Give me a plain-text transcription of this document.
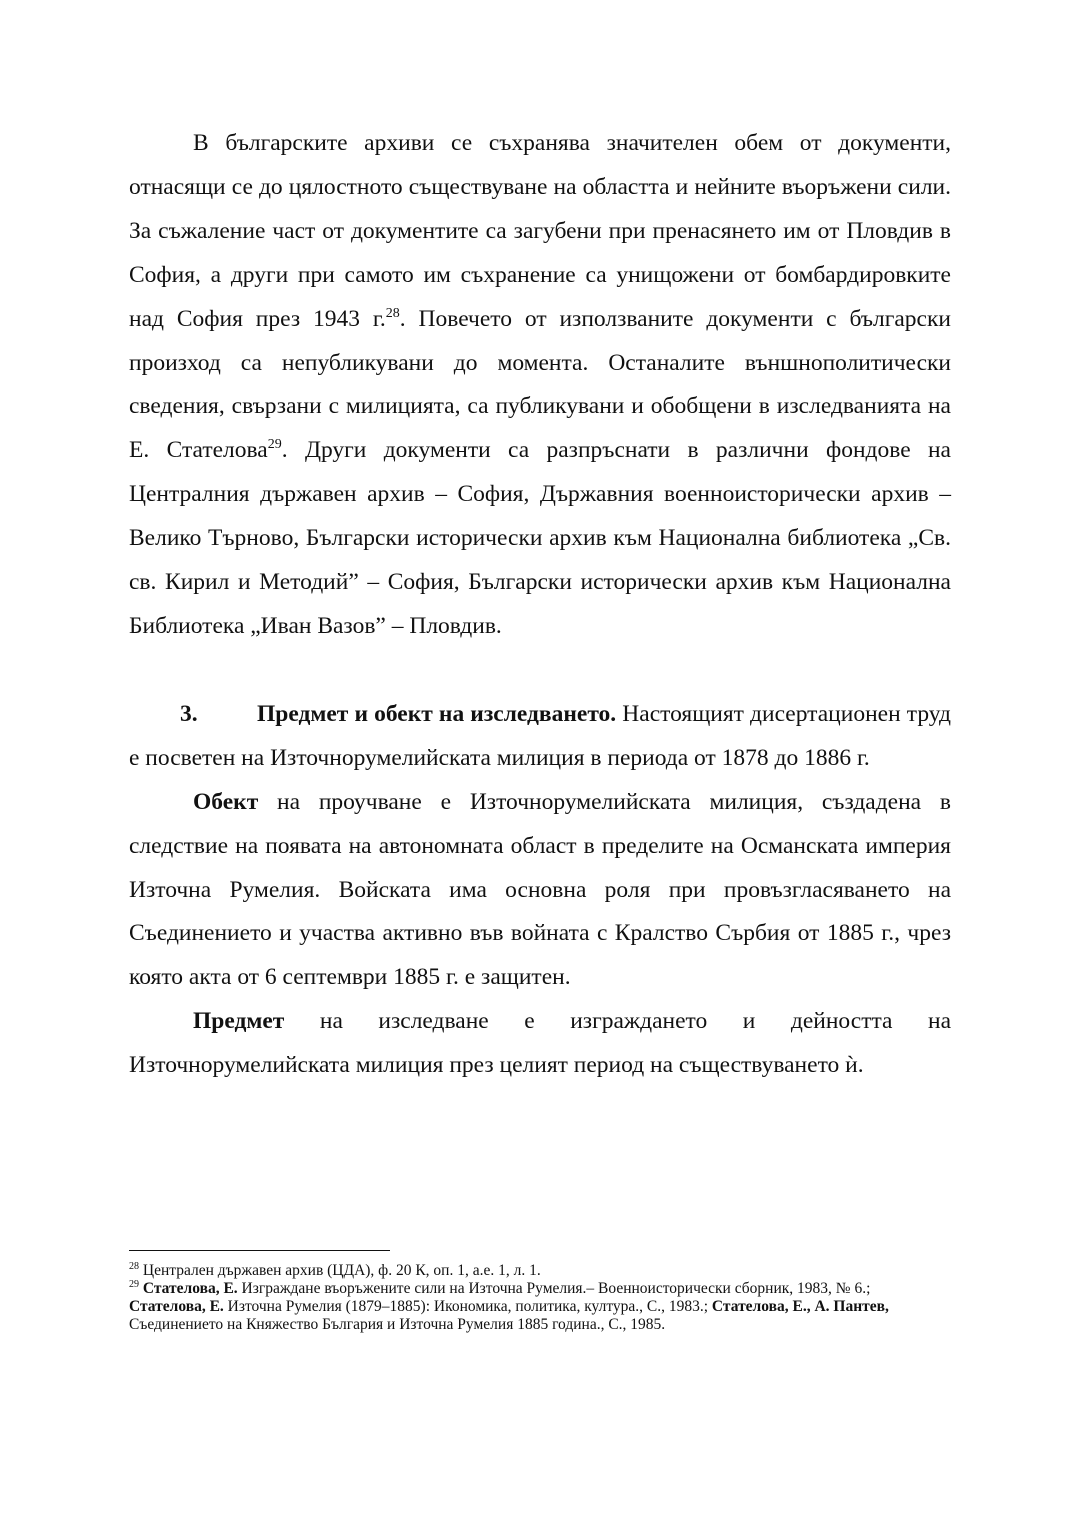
В българските архиви се съхранява значителен обем от документи, отнасящи се до цялостното съществуване на областта и нейните въоръжени сили. За съжаление част от документите са загубени при пренасянето им от Пловдив в София, а други при самото им съхранение са унищожени от бомбардировките над София през 1943 г.$^{28}$. Повечето от използваните документи с български произход са непубликувани до момента. Останалите външнополитически сведения, свързани с милицията, са публикувани и обобщени в изследванията на Е. Стателова$^{29}$. Други документи са разпръснати в различни фондове на Централния държавен архив – София, Държавния военноисторически архив – Велико Търново, Български исторически архив към Национална библиотека „Св. св. Кирил и Методий” – София, Български исторически архив към Национална Библиотека „Иван Вазов” – Пловдив.

3.	Предмет и обект на изследването. Настоящият дисертационен труд е посветен на Източнорумелийската милиция в периода от 1878 до 1886 г.

Обект на проучване е Източнорумелийската милиция, създадена в следствие на появата на автономната област в пределите на Османската империя Източна Румелия. Войската има основна роля при провъзгласяването на Съединението и участва активно във войната с Кралство Сърбия от 1885 г., чрез която акта от 6 септември 1885 г. е защитен.

Предмет на изследване е изграждането и дейността на Източнорумелийската милиция през целият период на съществуването ѝ.

$^{28}$ Централен държавен архив (ЦДА), ф. 20 К, оп. 1, а.е. 1, л. 1.

$^{29}$ Стателова, Е. Изграждане въоръжените сили на Източна Румелия.– Военноисторически сборник, 1983, № 6.; Стателова, Е. Източна Румелия (1879–1885): Икономика, политика, култура., С., 1983.; Стателова, Е., А. Пантев, Съединението на Княжество България и Източна Румелия 1885 година., С., 1985.
